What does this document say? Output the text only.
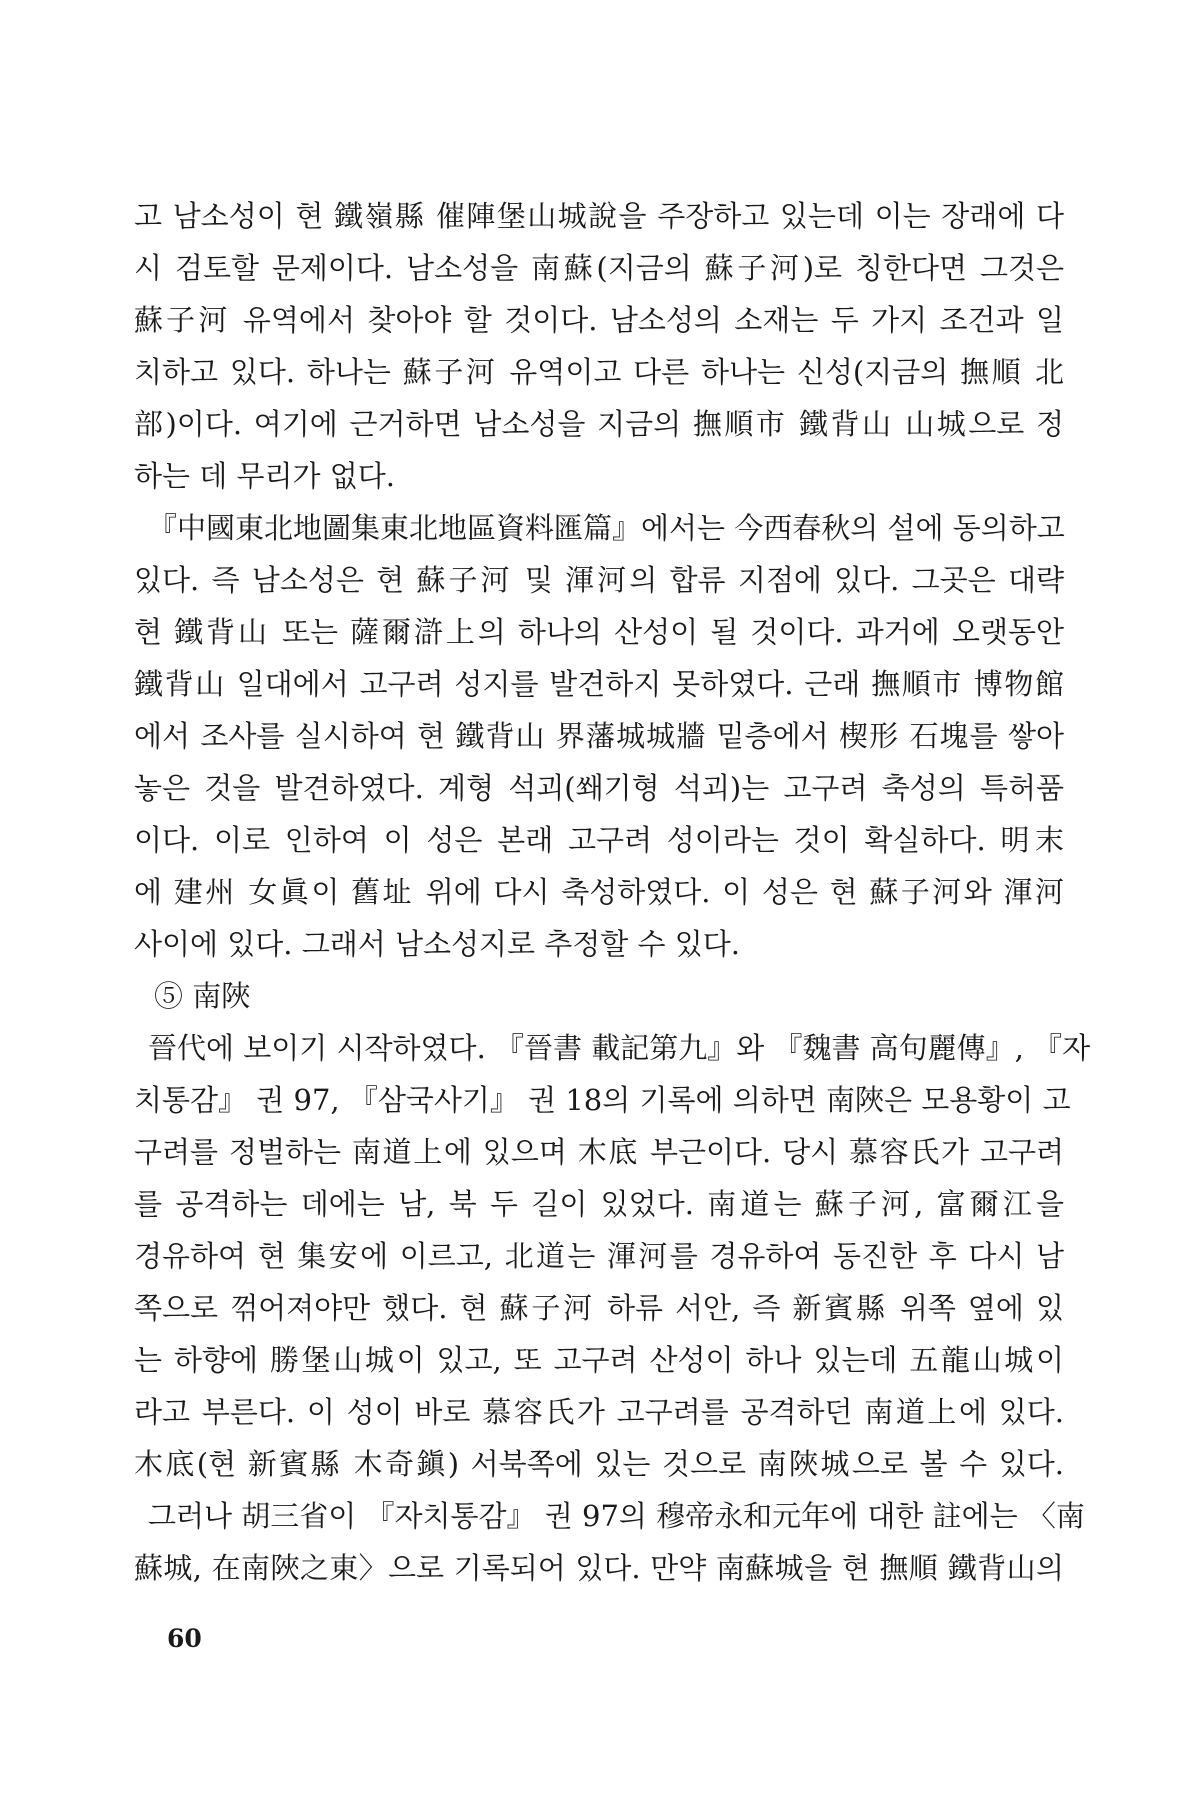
고 남소성이 현 鐵嶺縣 催陣堡山城說을 주장하고 있는데 이는 장래에 다
시 검토할 문제이다. 남소성을 南蘇(지금의 蘇子河)로 칭한다면 그것은
蘇子河 유역에서 찾아야 할 것이다. 남소성의 소재는 두 가지 조건과 일
치하고 있다. 하나는 蘇子河 유역이고 다른 하나는 신성(지금의 撫順 北
部)이다. 여기에 근거하면 남소성을 지금의 撫順市 鐵背山 山城으로 정
하는 데 무리가 없다.
『中國東北地圖集東北地區資料匯篇』에서는 今西春秋의 설에 동의하고
있다. 즉 남소성은 현 蘇子河 및 渾河의 합류 지점에 있다. 그곳은 대략
현 鐵背山 또는 薩爾滸上의 하나의 산성이 될 것이다. 과거에 오랫동안
鐵背山 일대에서 고구려 성지를 발견하지 못하였다. 근래 撫順市 博物館
에서 조사를 실시하여 현 鐵背山 界藩城城牆 밑층에서 楔形 石塊를 쌓아
놓은 것을 발견하였다. 계형 석괴(쐐기형 석괴)는 고구려 축성의 특허품
이다. 이로 인하여 이 성은 본래 고구려 성이라는 것이 확실하다. 明末
에 建州 女眞이 舊址 위에 다시 축성하였다. 이 성은 현 蘇子河와 渾河
사이에 있다. 그래서 남소성지로 추정할 수 있다.
⑤ 南陜
晉代에 보이기 시작하였다. 『晉書 載記第九』와 『魏書 高句麗傳』, 『자
치통감』 권 97, 『삼국사기』 권 18의 기록에 의하면 南陜은 모용황이 고
구려를 정벌하는 南道上에 있으며 木底 부근이다. 당시 慕容氏가 고구려
를 공격하는 데에는 남, 북 두 길이 있었다. 南道는 蘇子河, 富爾江을
경유하여 현 集安에 이르고, 北道는 渾河를 경유하여 동진한 후 다시 남
쪽으로 꺾어져야만 했다. 현 蘇子河 하류 서안, 즉 新賓縣 위쪽 옆에 있
는 하향에 勝堡山城이 있고, 또 고구려 산성이 하나 있는데 五龍山城이
라고 부른다. 이 성이 바로 慕容氏가 고구려를 공격하던 南道上에 있다.
木底(현 新賓縣 木奇鎭) 서북쪽에 있는 것으로 南陜城으로 볼 수 있다.
그러나 胡三省이 『자치통감』 권 97의 穆帝永和元年에 대한 註에는 〈南
蘇城, 在南陜之東〉으로 기록되어 있다. 만약 南蘇城을 현 撫順 鐵背山의
60
